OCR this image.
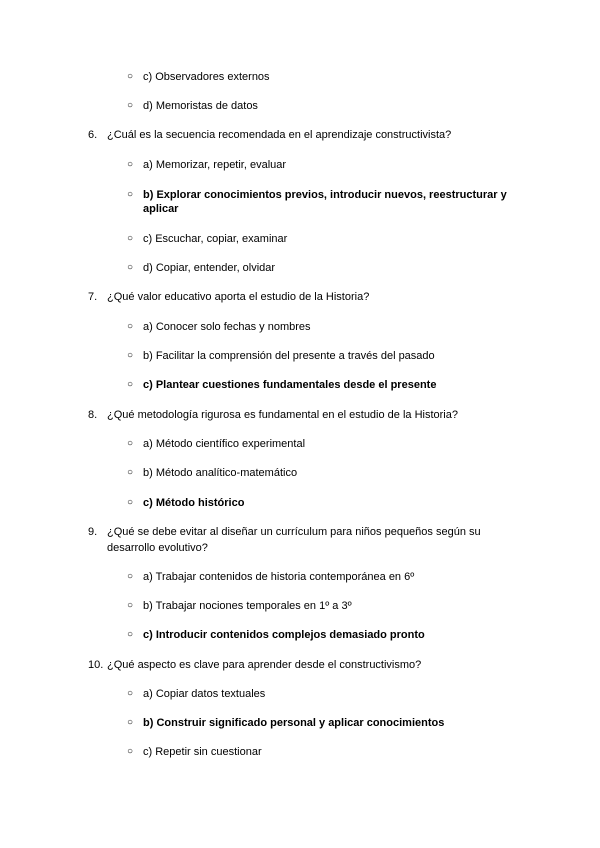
○ c) Observadores externos
○ d) Memoristas de datos
6. ¿Cuál es la secuencia recomendada en el aprendizaje constructivista?
○ a) Memorizar, repetir, evaluar
○ b) Explorar conocimientos previos, introducir nuevos, reestructurar y aplicar
○ c) Escuchar, copiar, examinar
○ d) Copiar, entender, olvidar
7. ¿Qué valor educativo aporta el estudio de la Historia?
○ a) Conocer solo fechas y nombres
○ b) Facilitar la comprensión del presente a través del pasado
○ c) Plantear cuestiones fundamentales desde el presente
8. ¿Qué metodología rigurosa es fundamental en el estudio de la Historia?
○ a) Método científico experimental
○ b) Método analítico-matemático
○ c) Método histórico
9. ¿Qué se debe evitar al diseñar un currículum para niños pequeños según su
desarrollo evolutivo?
○ a) Trabajar contenidos de historia contemporánea en 6º
○ b) Trabajar nociones temporales en 1º a 3º
○ c) Introducir contenidos complejos demasiado pronto
10. ¿Qué aspecto es clave para aprender desde el constructivismo?
○ a) Copiar datos textuales
○ b) Construir significado personal y aplicar conocimientos
○ c) Repetir sin cuestionar
